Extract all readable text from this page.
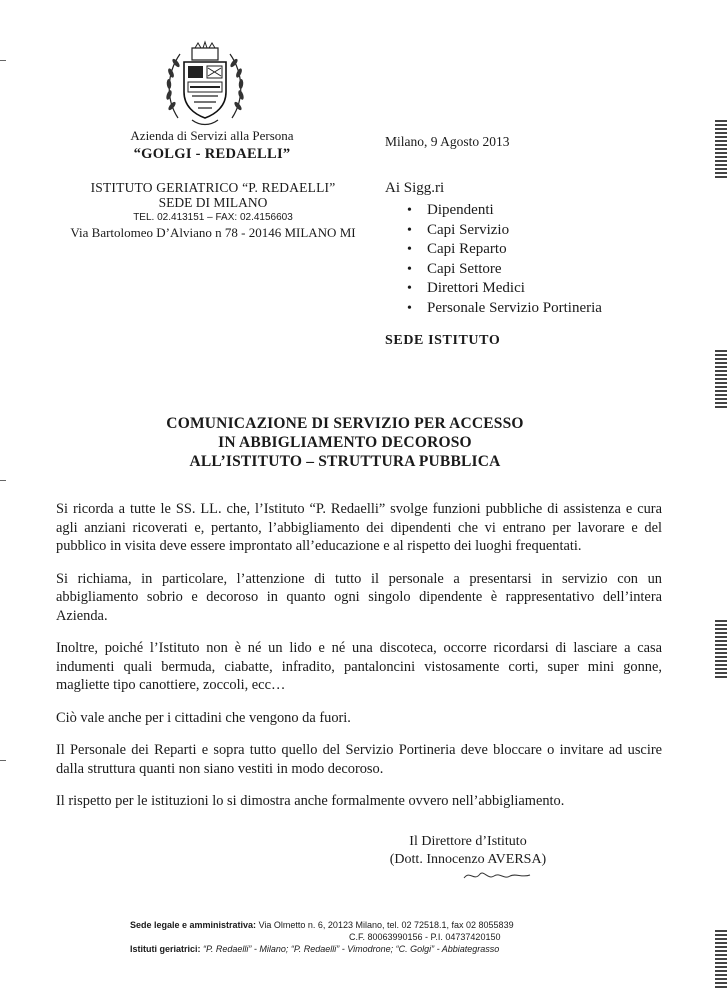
Azienda di Servizi alla Persona
“GOLGI - REDAELLI”
ISTITUTO GERIATRICO “P. REDAELLI”
SEDE DI MILANO
TEL. 02.413151 – FAX: 02.4156603
Via Bartolomeo D’Alviano n 78 - 20146 MILANO MI
Milano, 9 Agosto 2013
Ai Sigg.ri
• Dipendenti
• Capi Servizio
• Capi Reparto
• Capi Settore
• Direttori Medici
• Personale Servizio Portineria
SEDE ISTITUTO
COMUNICAZIONE DI SERVIZIO PER ACCESSO
IN ABBIGLIAMENTO DECOROSO
ALL’ISTITUTO – STRUTTURA PUBBLICA

Si ricorda a tutte le SS. LL. che, l’Istituto “P. Redaelli” svolge funzioni pubbliche di assistenza e cura agli anziani ricoverati e, pertanto, l’abbigliamento dei dipendenti che vi entrano per lavorare e del pubblico in visita deve essere improntato all’educazione e al rispetto dei luoghi frequentati.

Si richiama, in particolare, l’attenzione di tutto il personale a presentarsi in servizio con un abbigliamento sobrio e decoroso in quanto ogni singolo dipendente è rappresentativo dell’intera Azienda.

Inoltre, poiché l’Istituto non è né un lido e né una discoteca, occorre ricordarsi di lasciare a casa indumenti quali bermuda, ciabatte, infradito, pantaloncini vistosamente corti, super mini gonne, magliette tipo canottiere, zoccoli, ecc…

Ciò vale anche per i cittadini che vengono da fuori.

Il Personale dei Reparti e sopra tutto quello del Servizio Portineria deve bloccare o invitare ad uscire dalla struttura quanti non siano vestiti in modo decoroso.

Il rispetto per le istituzioni lo si dimostra anche formalmente ovvero nell’abbigliamento.

Il Direttore d’Istituto
(Dott. Innocenzo AVERSA)
Sede legale e amministrativa: Via Olmetto n. 6, 20123 Milano, tel. 02 72518.1, fax 02 8055839
C.F. 80063990156 - P.I. 04737420150
Istituti geriatrici: “P. Redaelli” - Milano; “P. Redaelli” - Vimodrone; “C. Golgi” - Abbiategrasso
